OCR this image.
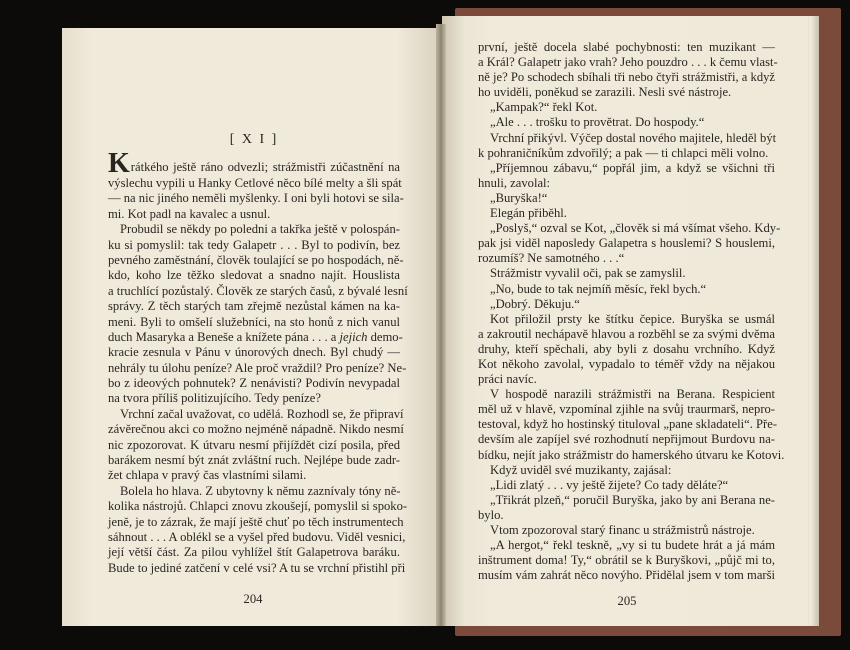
[ X I ]
Krátkého ještě ráno odvezli; strážmistři zúčastnění na
výslechu vypili u Hanky Cetlové něco bílé melty a šli spát
— na nic jiného neměli myšlenky. I oni byli hotovi se sila-
mi. Kot padl na kavalec a usnul.
Probudil se někdy po poledni a takřka ještě v polospán-
ku si pomyslil: tak tedy Galapetr . . . Byl to podivín, bez
pevného zaměstnání, člověk toulající se po hospodách, ně-
kdo, koho lze těžko sledovat a snadno najít. Houslista
a truchlící pozůstalý. Člověk ze starých časů, z bývalé lesní
správy. Z těch starých tam zřejmě nezůstal kámen na ka-
meni. Byli to omšelí služebníci, na sto honů z nich vanul
duch Masaryka a Beneše a knížete pána . . . a jejich demo-
kracie zesnula v Pánu v únorových dnech. Byl chudý —
nehrály tu úlohu peníze? Ale proč vraždil? Pro peníze? Ne-
bo z ideových pohnutek? Z nenávisti? Podivín nevypadal
na tvora příliš politizujícího. Tedy peníze?
Vrchní začal uvažovat, co udělá. Rozhodl se, že připraví
závěrečnou akci co možno nejméně nápadně. Nikdo nesmí
nic zpozorovat. K útvaru nesmí přijíždět cizí posila, před
barákem nesmí být znát zvláštní ruch. Nejlépe bude zadr-
žet chlapa v pravý čas vlastními silami.
Bolela ho hlava. Z ubytovny k němu zaznívaly tóny ně-
kolika nástrojů. Chlapci znovu zkoušejí, pomyslil si spoko-
jeně, je to zázrak, že mají ještě chuť po těch instrumentech
sáhnout . . . A oblékl se a vyšel před budovu. Viděl vesnici,
její větší část. Za pilou vyhlížel štít Galapetrova baráku.
Bude to jediné zatčení v celé vsi? A tu se vrchní přistihl při
204
první, ještě docela slabé pochybnosti: ten muzikant —
a Král? Galapetr jako vrah? Jeho pouzdro . . . k čemu vlast-
ně je? Po schodech sbíhali tři nebo čtyři strážmistři, a když
ho uviděli, poněkud se zarazili. Nesli své nástroje.
„Kampak?“ řekl Kot.
„Ale . . . trošku to provětrat. Do hospody.“
Vrchní přikývl. Výčep dostal nového majitele, hleděl být
k pohraničníkům zdvořilý; a pak — ti chlapci měli volno.
„Příjemnou zábavu,“ popřál jim, a když se všichni tři
hnuli, zavolal:
„Buryška!“
Elegán přiběhl.
„Poslyš,“ ozval se Kot, „člověk si má všímat všeho. Kdy-
pak jsi viděl naposledy Galapetra s houslemi? S houslemi,
rozumíš? Ne samotného . . .“
Strážmistr vyvalil oči, pak se zamyslil.
„No, bude to tak nejmíň měsíc, řekl bych.“
„Dobrý. Děkuju.“
Kot přiložil prsty ke štítku čepice. Buryška se usmál
a zakroutil nechápavě hlavou a rozběhl se za svými dvěma
druhy, kteří spěchali, aby byli z dosahu vrchního. Když
Kot někoho zavolal, vypadalo to téměř vždy na nějakou
práci navíc.
V hospodě narazili strážmistři na Berana. Respicient
měl už v hlavě, vzpomínal zjihle na svůj traurmarš, nepro-
testoval, když ho hostinský tituloval „pane skladateli“. Pře-
devším ale zapíjel své rozhodnutí nepřijmout Burdovu na-
bídku, nejít jako strážmistr do hamerského útvaru ke Kotovi.
Když uviděl své muzikanty, zajásal:
„Lidi zlatý . . . vy ještě žijete? Co tady děláte?“
„Třikrát plzeň,“ poručil Buryška, jako by ani Berana ne-
bylo.
Vtom zpozoroval starý financ u strážmistrů nástroje.
„A hergot,“ řekl teskně, „vy si tu budete hrát a já mám
inštrument doma! Ty,“ obrátil se k Buryškovi, „půjč mi to,
musím vám zahrát něco novýho. Přidělal jsem v tom marši
205
